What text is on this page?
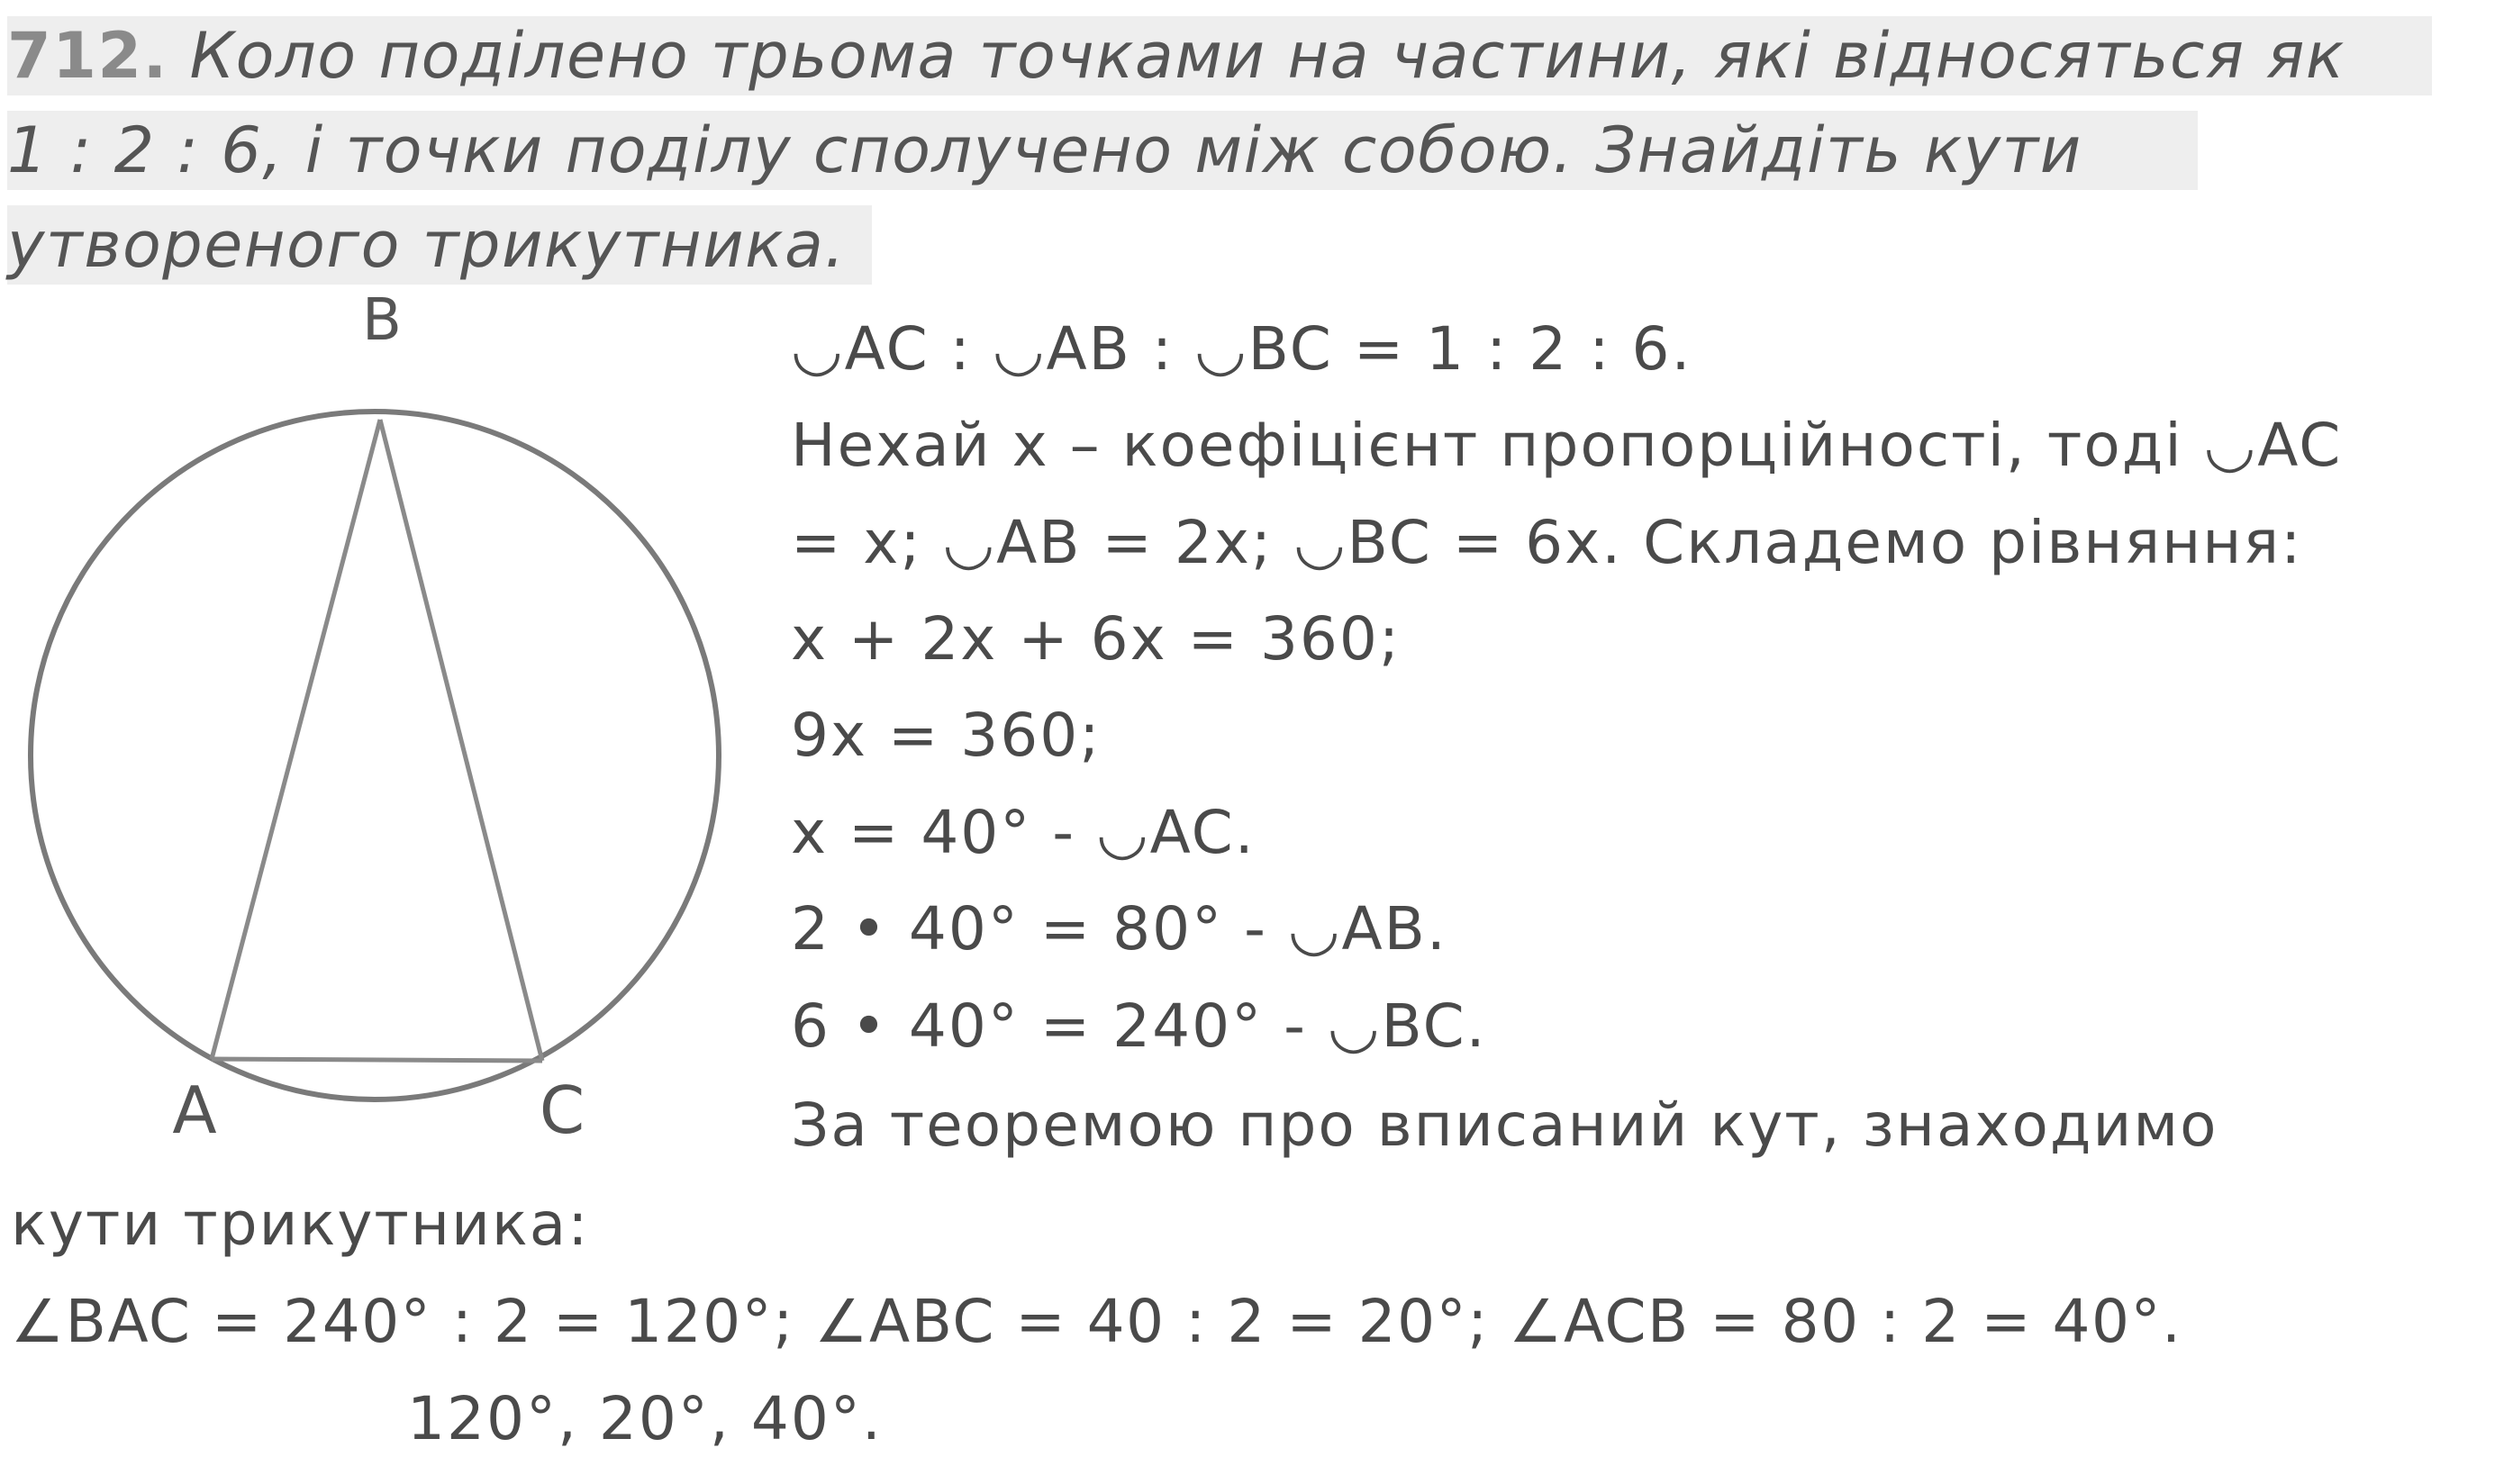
712. Коло поділено трьома точками на частини, які відносяться як
1 : 2 : 6, і точки поділу сполучено між собою. Знайдіть кути
утвореного трикутника.
B
A	C
◡AC : ◡AB : ◡BC = 1 : 2 : 6.
Нехай х – коефіцієнт пропорційності, тоді ◡AC
= х; ◡AB = 2х; ◡BC = 6х. Складемо рівняння:
х + 2х + 6х = 360;
9х = 360;
х = 40° - ◡AC.
2 • 40° = 80° - ◡AB.
6 • 40° = 240° - ◡BC.
За теоремою про вписаний кут, знаходимо
кути трикутника:
∠BAC = 240° : 2 = 120°; ∠ABC = 40 : 2 = 20°; ∠ACB = 80 : 2 = 40°.
120°, 20°, 40°.
